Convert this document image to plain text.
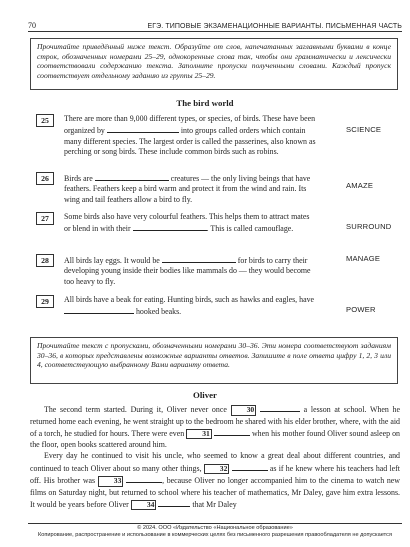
70	ЕГЭ. ТИПОВЫЕ ЭКЗАМЕНАЦИОННЫЕ ВАРИАНТЫ. ПИСЬМЕННАЯ ЧАСТЬ
Прочитайте приведённый ниже текст. Образуйте от слов, напечатанных заглавными буквами в конце строк, обозначенных номерами 25–29, однокоренные слова так, чтобы они грамматически и лексически соответствовали содержанию текста. Заполните пропуски полученными словами. Каждый пропуск соответствует отдельному заданию из группы 25–29.
The bird world
25	There are more than 9,000 different types, or species, of birds. These have been organized by	into groups called orders which contain many different species. The largest order is called the passerines, also known as perching or song birds. These include common birds such as robins.
SCIENCE
26	Birds are	creatures — the only living beings that have feathers. Feathers keep a bird warm and protect it from the wind and rain. Its wing and tail feathers allow a bird to fly.
AMAZE
27	Some birds also have very colourful feathers. This helps them to attract mates or blend in with their	. This is called camouflage.	SURROUND
28	All birds lay eggs. It would be	for birds to carry their developing young inside their bodies like mammals do — they would become too heavy to fly.
MANAGE
29	All birds have a beak for eating. Hunting birds, such as hawks and eagles, have  hooked beaks.	POWER
Прочитайте текст с пропусками, обозначенными номерами 30–36. Эти номера соответствуют заданиям 30–36, в которых представлены возможные варианты ответов. Запишите в поле ответа цифру 1, 2, 3 или 4, соответствующую выбранному Вами варианту ответа.
Oliver

The second term started. During it, Oliver never once	30	a lesson at school. When he returned home each evening, he went straight up to the bedroom he shared with his elder brother, where, with the aid of a torch, he studied for hours. There were even 31	when his mother found Oliver sound asleep on the floor, open books scattered around him.

Every day he continued to visit his uncle, who seemed to know a great deal about different countries, and continued to teach Oliver about so many other things, 32	as if he knew where his teachers had left off. His brother was 33	, because Oliver no longer accompanied him to the cinema to watch new films on Saturday night, but returned to school where his teacher of mathematics, Mr Daley, gave him extra lessons. It would be years before Oliver 34	that Mr Daley

© 2024. ООО «Издательство «Национальное образование»
Копирование, распространение и использование в коммерческих целях без письменного разрешения правообладателя не допускается
